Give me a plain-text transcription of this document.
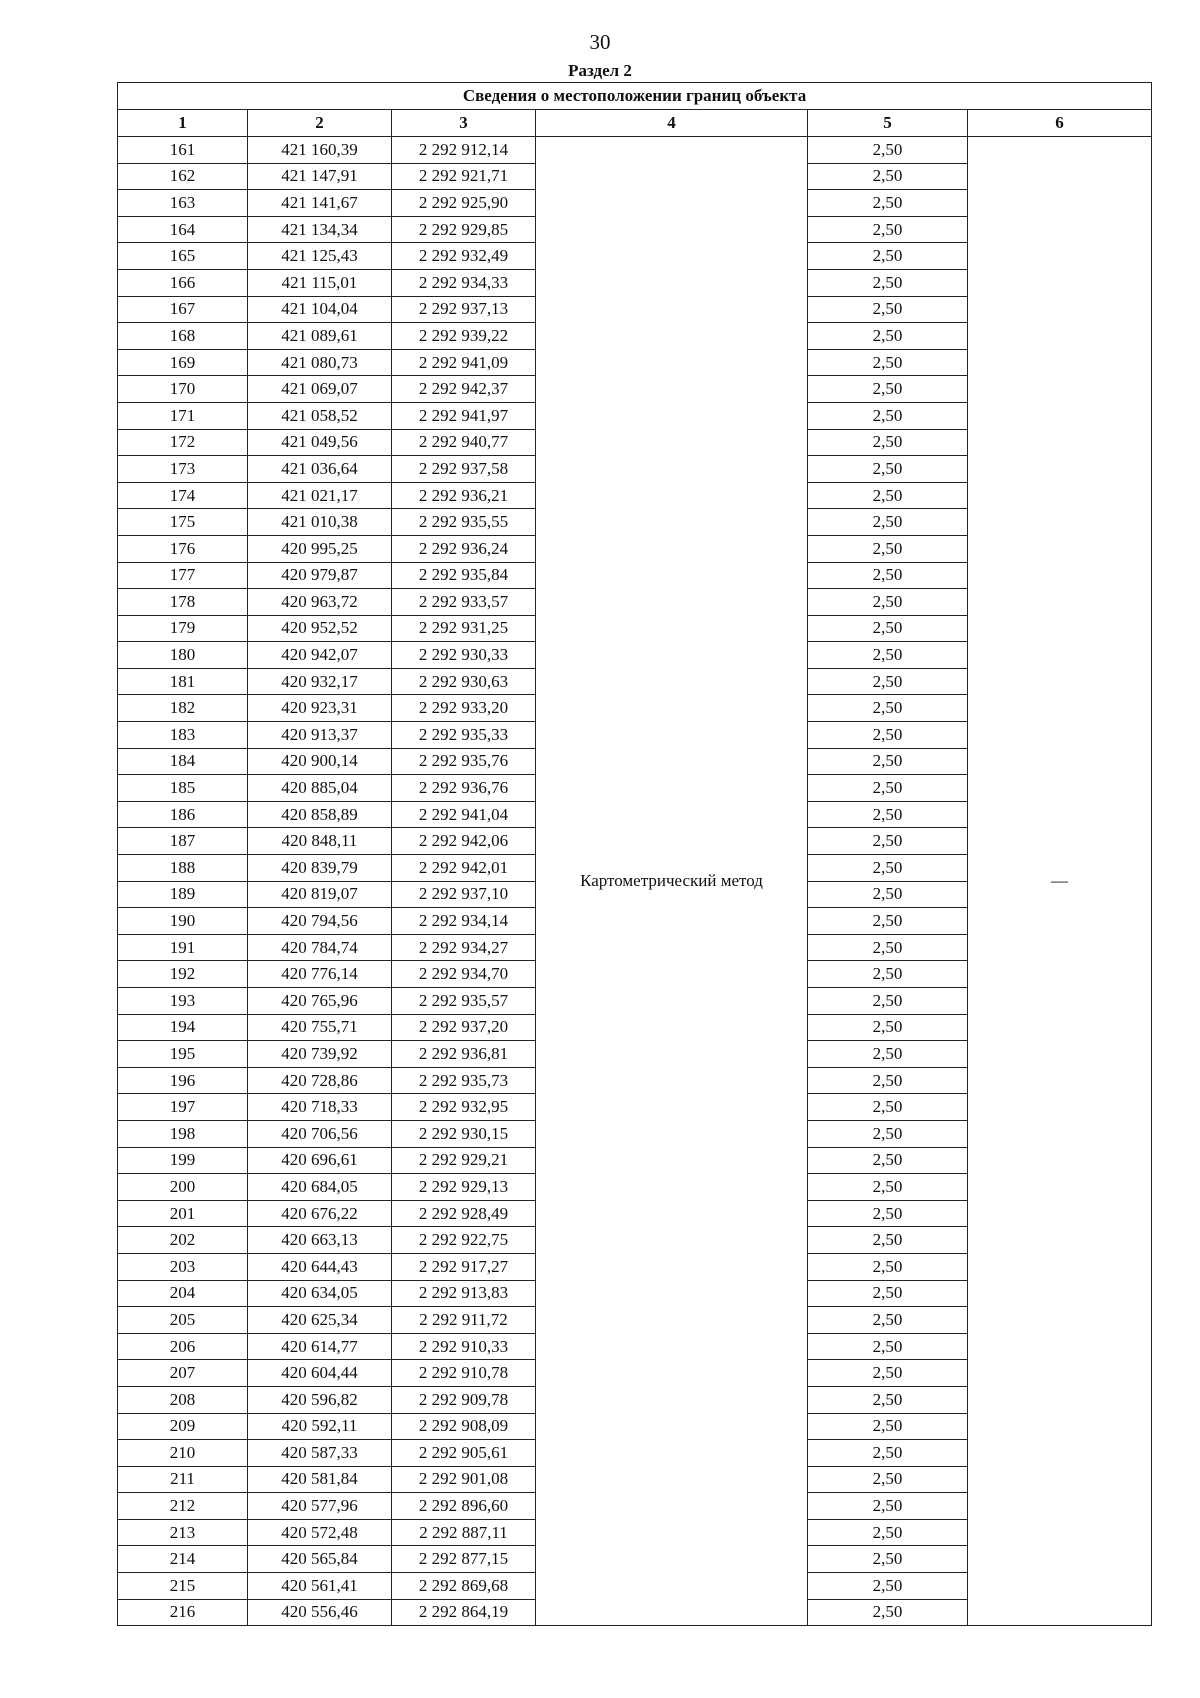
30
Раздел 2
Сведения о местоположении границ объекта					
1	2	3	4	5	6
161	421 160,39	2 292 912,14	Картометрический метод	2,50	—
162	421 147,91	2 292 921,71		2,50	
163	421 141,67	2 292 925,90		2,50	
164	421 134,34	2 292 929,85		2,50	
165	421 125,43	2 292 932,49		2,50	
166	421 115,01	2 292 934,33		2,50	
167	421 104,04	2 292 937,13		2,50	
168	421 089,61	2 292 939,22		2,50	
169	421 080,73	2 292 941,09		2,50	
170	421 069,07	2 292 942,37		2,50	
171	421 058,52	2 292 941,97		2,50	
172	421 049,56	2 292 940,77		2,50	
173	421 036,64	2 292 937,58		2,50	
174	421 021,17	2 292 936,21		2,50	
175	421 010,38	2 292 935,55		2,50	
176	420 995,25	2 292 936,24		2,50	
177	420 979,87	2 292 935,84		2,50	
178	420 963,72	2 292 933,57		2,50	
179	420 952,52	2 292 931,25		2,50	
180	420 942,07	2 292 930,33		2,50	
181	420 932,17	2 292 930,63		2,50	
182	420 923,31	2 292 933,20		2,50	
183	420 913,37	2 292 935,33		2,50	
184	420 900,14	2 292 935,76		2,50	
185	420 885,04	2 292 936,76		2,50	
186	420 858,89	2 292 941,04		2,50	
187	420 848,11	2 292 942,06		2,50	
188	420 839,79	2 292 942,01		2,50	
189	420 819,07	2 292 937,10		2,50	
190	420 794,56	2 292 934,14		2,50	
191	420 784,74	2 292 934,27		2,50	
192	420 776,14	2 292 934,70		2,50	
193	420 765,96	2 292 935,57		2,50	
194	420 755,71	2 292 937,20		2,50	
195	420 739,92	2 292 936,81		2,50	
196	420 728,86	2 292 935,73		2,50	
197	420 718,33	2 292 932,95		2,50	
198	420 706,56	2 292 930,15		2,50	
199	420 696,61	2 292 929,21		2,50	
200	420 684,05	2 292 929,13		2,50	
201	420 676,22	2 292 928,49		2,50	
202	420 663,13	2 292 922,75		2,50	
203	420 644,43	2 292 917,27		2,50	
204	420 634,05	2 292 913,83		2,50	
205	420 625,34	2 292 911,72		2,50	
206	420 614,77	2 292 910,33		2,50	
207	420 604,44	2 292 910,78		2,50	
208	420 596,82	2 292 909,78		2,50	
209	420 592,11	2 292 908,09		2,50	
210	420 587,33	2 292 905,61		2,50	
211	420 581,84	2 292 901,08		2,50	
212	420 577,96	2 292 896,60		2,50	
213	420 572,48	2 292 887,11		2,50	
214	420 565,84	2 292 877,15		2,50	
215	420 561,41	2 292 869,68		2,50	
216	420 556,46	2 292 864,19		2,50	
